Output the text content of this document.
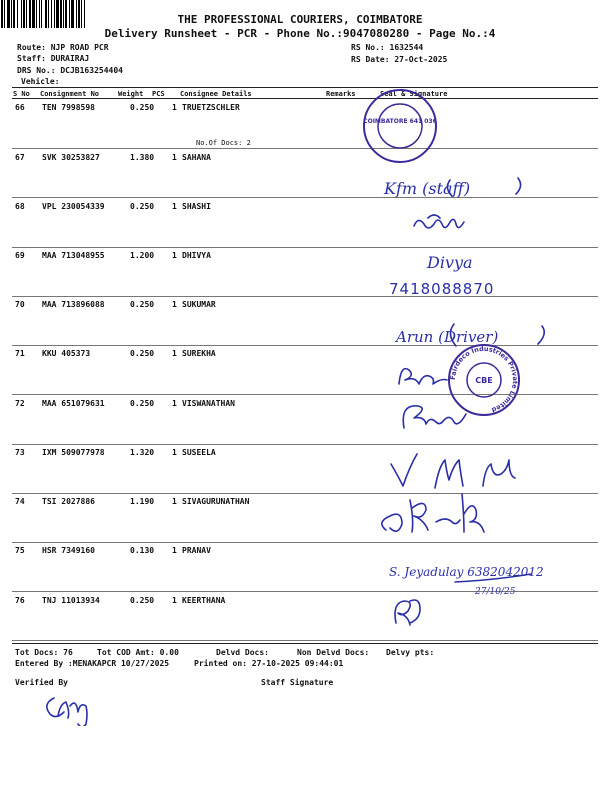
THE PROFESSIONAL COURIERS, COIMBATORE
Delivery Runsheet - PCR - Phone No.:9047080280 - Page No.:4
Route: NJP ROAD PCR
Staff: DURAIRAJ
DRS No.: DCJB163254404
Vehicle:
RS No.: 1632544
RS Date: 27-Oct-2025
S No Consignment No	Weight PCS Consignee Details	Remarks	Seal & Signature
66 TEN 7998598	0.250 1 TRUETZSCHLER
67 SVK 30253827	1.380 1 SAHANA
68 VPL 230054339	0.250 1 SHASHI
69 MAA 713048955	1.200 1 DHIVYA
70 MAA 713896088	0.250 1 SUKUMAR
71 KKU 405373	0.250 1 SUREKHA
72 MAA 651079631	0.250 1 VISWANATHAN
73 IXM 509077978	1.320 1 SUSEELA
74 TSI 2027886	1.190 1 SIVAGURUNATHAN
75 HSR 7349160	0.130 1 PRANAV
76 TNJ 11013934	0.250 1 KEERTHANA
No.Of Docs: 2
COIMBATORE 641 036
Fairdeco Industries Private Limited
CBE
Kfm (staff)
Divya
7418088870
Arun (Driver)
S. Jeyadulay 6382042012
27/10/25
Tot Docs: 76	Tot COD Amt: 0.00	Delvd Docs:	Non Delvd Docs: Delvy pts:
Entered By :MENAKAPCR 10/27/2025	Printed on: 27-10-2025 09:44:01
Verified By	Staff Signature
